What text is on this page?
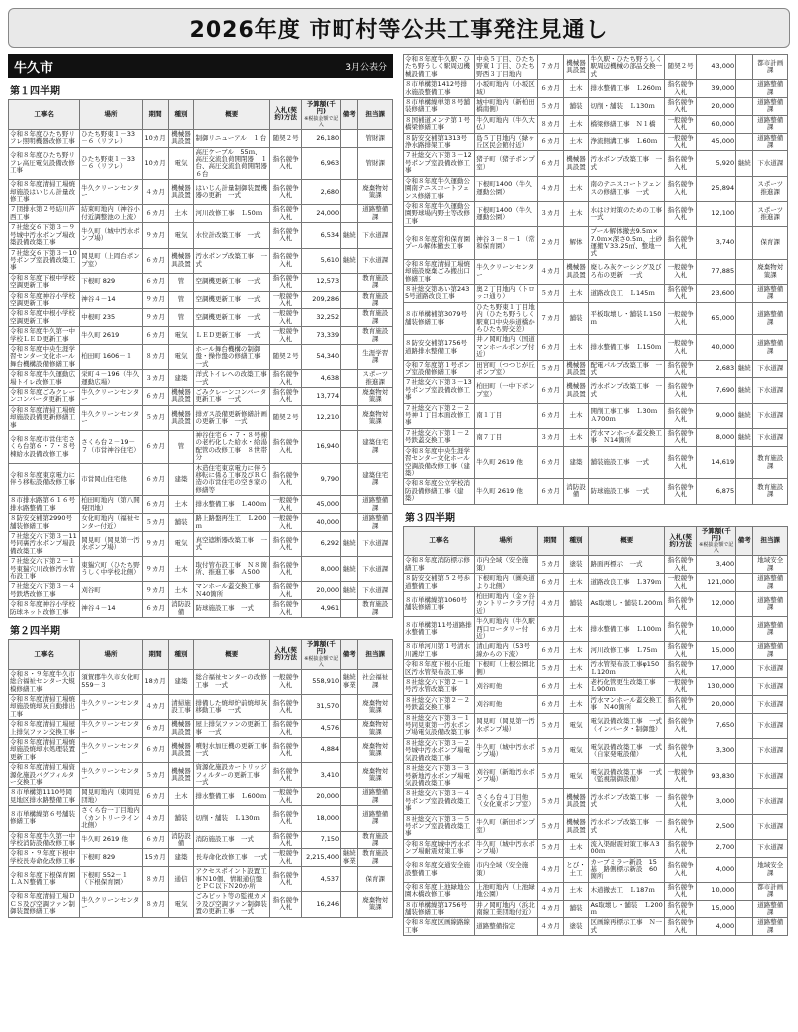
2026年度 市町村等公共工事発注見通し
牛久市	3月公表分
第１四半期
工事名	場所	期間	種別	概要	入札(契約)方法	予算額(千円)
※税抜金額で記入	備考	担当課
令和８年度ひたち野リフレ照明機器改修工事	ひたち野東１－33－６（リフレ）	10カ月	機械器具設置	制御リニューアル　１台	随契２号	26,180		管財課
令和８年度ひたち野リフレ高圧電気設備改修工事	ひたち野東１－33－６（リフレ）	10カ月	電気	高圧ケーブル　55ｍ、高圧交流負荷開閉器　１台、高圧交流負荷開閉器　６台	指名競争入札	6,963		管財課
令和８年度清掃工場焼却施設はいじん計量改修工事	牛久クリーンセンター	４カ月	機械器具設置	はいじん計量制御装置機器の更新　一式	指名競争入札	2,680		廃棄物対策課
７団排水第２号結川芦西工事	結束町地内（神谷小付近調整池の上流）	６カ月	土木	河川改修工事　Ｌ50ｍ	指名競争入札	24,000		道路整備課
７社総交６下第３－９号城中汚水ポンプ場改築設備改築工事	牛久町（城中汚水ポンプ場）	９カ月	電気	水位計改築工事　一式	指名競争入札	6,534	継続	下水道課
７社総交６下第３－10号ポンプ室設備改築工事	岡見町（上岡台ポンプ室）	６カ月	機械器具設置	汚水ポンプ改築工事　一式	指名競争入札	5,610	継続	下水道課
令和８年度下根中学校空調更新工事	下根町 829	６カ月	管	空調機更新工事　一式	指名競争入札	12,573		教育施設課
令和８年度神谷小学校空調更新工事	神谷４－14	９カ月	管	空調機更新工事　一式	一般競争入札	209,286		教育施設課
令和８年度中根小学校空調更新工事	中根町 235	９カ月	管	空調機更新工事　一式	一般競争入札	32,252		教育施設課
令和８年度牛久第一中学校ＬＥＤ更新工事	牛久町 2619	６カ月	電気	ＬＥＤ更新工事　一式	一般競争入札	73,339		教育施設課
令和８年度中央生涯学習センター文化ホール舞台機構設備修繕工事	柏田町 1606－１	８カ月	電気	ホール舞台機構の制御盤・操作盤の修繕工事　一式	随契２号	54,340		生涯学習課
令和８年度牛久運動広場トイレ改修工事	栄町４－196（牛久運動広場）	３カ月	建築	洋式トイレへの改築工事　一式	指名競争入札	4,638		スポーツ推進課
令和８年度ごみクレーンコンバータ更新工事	牛久クリーンセンター	６カ月	機械器具設置	ごみクレーンコンバータ更新工事　一式	指名競争入札	13,774		廃棄物対策課
令和８年度清掃工場焼却施設設備更新修繕工事	牛久クリーンセンター	５カ月	機械器具設置	排ガス設備更新修繕計画の更新工事　一式	随契２号	12,210		廃棄物対策課
令和８年度市営住宅さくら台第６・７・８号棟給水設備改修工事	さくら台２－19－７（市営神谷住宅）	６カ月	管	神谷住宅６・７・８号棟の老朽化した給水・給湯配管の改修工事　８世帯分	指名競争入札	16,940		建築住宅課
令和８年度東京電力に伴う移転設備改修工事	市営岡山住宅他	６カ月	建築	木造住宅東京電力に伴う移転に係る工事及びＲＣ造の市営住宅の空き家の修繕等	指名競争入札	9,790		建築住宅課
８市排水路第６１６号排水路整備工事	柏田町地内（第八開発団地）	６カ月	土木	排水整備工事　Ｌ400ｍ	一般競争入札	45,000		道路整備課
８防安交補第2990号舗装修繕工事	女化町地内（福祉センター付近）	５カ月	舗装	路上路盤再生工　Ｌ200ｍ	一般競争入札	40,000		道路整備課
７社総交六下第３－11号同裏汚水ポンプ場設備改築工事	岡見町（岡見第一汚水ポンプ場）	９カ月	電気	真空遮断器改築工事　一式	指名競争入札	6,292	継続	下水道課
７社総交六下第２－１号東猯穴川改修汚水管布設工事	東猯穴町（ひたち野うしく中学校北側）	９カ月	土木	取付管布設工事　Ｎ８箇所、推進工事　Ａ500	指名競争入札	8,000	継続	下水道課
７社総交六下第３－４号鉄塔改修工事	刈谷町	９カ月	土木	マンホール蓋交換工事　Ｎ40箇所	指名競争入札	20,000	継続	下水道課
令和８年度神谷小学校防球ネット改修工事	神谷４－14	６カ月	消防設備	防球施設工事　一式	指名競争入札	4,961		教育施設課
第２四半期
工事名	場所	期間	種別	概要	入札(契約)方法	予算額(千円)
※税抜金額で記入	備考	担当課
令和８・９年度牛久市総合福祉センター大規模修繕工事	須賀郡牛久市女化町559－３	18カ月	建築	総合福祉センターの改修工事　一式	一般競争入札	558,910	継続事業	社会福祉課
令和８年度清掃工場焼却施設焼却灰自動排出工事	牛久クリーンセンター	４カ月	清掃施設工事	排備した焼却炉前焼却灰移動工事　一式	指名競争入札	31,570		廃棄物対策課
令和８年度清掃工場屋上排気ファン交換工事	牛久クリーンセンター	６カ月	機械器具設置	屋上排気ファンの更新工事　一式	指名競争入札	4,576		廃棄物対策課
令和８年度清掃工場焼却施設焼却水処理装置更新工事	牛久クリーンセンター	６カ月	機械器具設置	噴射水加圧機の更新工事　一式	指名競争入札	4,884		廃棄物対策課
令和８年度清掃工場資源化施設バグフィルター交換工事	牛久クリーンセンター	５カ月	機械器具設置	資源化施設カートリッジフィルターの更新工事　一式	指名競争入札	3,410		廃棄物対策課
８市単構第1110号岡見地区排水路整備工事	岡見町地内（東岡見団地）	６カ月	土木	排水整備工事　Ｌ600ｍ	一般競争入札	20,000		道路整備課
８市単構繰第６号舗装修繕工事	さくら台一丁目地内（カントリーライン北側）	４カ月	舗装	切削・舗装　Ｌ130ｍ	指名競争入札	18,000		道路整備課
令和８年度牛久第一中学校消防設備改修工事	牛久町 2619 他	６カ月	消防設備	消防施設工事　一式	指名競争入札	7,150		教育施設課
令和８・９年度下根中学校長寿命化改修工事	下根町 829	15カ月	建築	長寿命化改修工事　一式	一般競争入札	2,215,400	継続事業	教育施設課
令和８年度下根保育園ＬＡＮ整備工事	下根町 552－１（下根保育園）	８カ月	通信	アクセスポイント設置工事Ｎ10個、情報通信盤とＰＣ以下Ｎ20か所	指名競争入札	4,537		保育課
令和８年度清掃工場ＤＣＳ及び空調ファン制御装置修繕工事	牛久クリーンセンター	８カ月	電気	ごみピット等の監視カメラ及び空調ファン制御装置の更新工事　一式	指名競争入札	16,246		廃棄物対策課
令和８年度牛久駅・ひたち野うしく駅周辺機械設備工事	中央５丁目、ひたち野東１丁目、ひたち野西３丁目地内	７カ月	機械器具設置	牛久駅・ひたち野うしく駅周辺機械の部品交換一式	随契２号	43,000		都市計画課
８市単構第1412号排水施設整備工事	小坂町地内（小坂区域）	６カ月	土木	排水整備工事　Ｌ260ｍ	指名競争入札	39,000		道路整備課
８市単構繰単第８号舗装修繕工事	城中町地内（新柏田橋南側）	５カ月	舗装	切削・舗装　Ｌ130ｍ	指名競争入札	20,000		道路整備課
８国補道メンテ第１号橋梁修繕工事	牛久町地内（牛久大仏）	８カ月	土木	橋梁修繕工事　Ｎ１橋	一般競争入札	60,000		道路整備課
８防安交補第1313号浄水路排架工事	島５丁目地内（緑ヶ丘区民会館付近）	６カ月	土木	浄流側溝工事　Ｌ60ｍ	一般競争入札	45,000		道路整備課
７社総交六下第３－12号ポンプ室設備改修工事	猪子町（猪子ポンプ室）	６カ月	機械器具設置	汚水ポンプ改築工事　一式	指名競争入札	5,920	継続	下水道課
令和８年度牛久運動公園南テニスコートフェンス修繕工事	下根町1400（牛久運動公園）	４カ月	土木	南のテニスコートフェンスの修繕工事　一式	指名競争入札	25,894		スポーツ推進課
令和８年度牛久運動公園野球場内野土等改修工事	下根町1400（牛久運動公園）	３カ月	土木	水はけ対策のための工事　一式	指名競争入札	12,100		スポーツ推進課
令和８年度常和保育園プール解体撤去工事	神谷３－８－１（常和保育園）	２カ月	解体	プール解体撤去9.5ｍ×7.0ｍ×深さ0.5ｍ、土砂運搬Ｖ33.25㎥、整地一式	指名競争入札	3,740		保育課
令和８年度清掃工場焼却施設廃棄ごみ搬出口修繕工事	牛久クリーンセンター	４カ月	機械器具設置	廃しみ灰ケーシング及びろ布の更新　一式	一般競争入札	77,885		廃棄物対策課
８社総交第あい第2435号道路改良工事	奥２丁目地内（トロッコ通り）	５カ月	土木	道路改良工　Ｌ145ｍ	指名競争入札	23,600		道路整備課
８市単構補第3079号舗装修繕工事	ひたち野東１丁目地内（ひたち野うしく駅東口中央歩道橋からひたち野交差）	７カ月	舗装	平板取壊し・舗装Ｌ150ｍ	一般競争入札	65,000		道路整備課
８防安交補第1756号道路排水整備工事	井ノ岡町地内（国道マンホールポンプ付近）	６カ月	土木	排水整備工事　Ｌ150ｍ	一般競争入札	40,000		道路整備課
令和７年度第１号ポンプ室設備修繕工事	田宮町（つつじが丘ポンプ室）	５カ月	機械器具設置	配電パルプ改築工事　一式	指名競争入札	2,683	継続	下水道課
７社総交六下第３－13号ポンプ室設備改修工事	柏田町（一中下ポンプ室）	６カ月	機械器具設置	汚水ポンプ改築工事　一式	指名競争入札	7,690	継続	下水道課
７社総交六下第２－２号神１丁目本面改修工事	南１丁目	６カ月	土木	開削工事工事　Ｌ30ｍＡ700ｍ	指名競争入札	9,000	継続	下水道課
７社総交六下第１－２号鉄蓋交換工事	南７丁目	３カ月	土木	汚水マンホール蓋交換工事　Ｎ14箇所	指名競争入札	8,000	継続	下水道課
令和８年度中央生涯学習センター文化ホール空調設備改修工事（建築）	牛久町 2619 他	６カ月	建築	舗装施設工事　一式	指名競争入札	14,619		教育施設課
令和８年度公立学校消防設備修繕工事（建築）	牛久町 2619 他	６カ月	消防設備	防球施設工事　一式	指名競争入札	6,875		教育施設課
第３四半期
工事名	場所	期間	種別	概要	入札(契約)方法	予算額(千円)
※税抜金額で記入	備考	担当課
令和８年度消防標示修繕工事	市内全域（安全施策）	５カ月	塗装	路面再標示　一式	指名競争入札	3,400		地域安全課
８防安交補第５２号歩道整備工事	下根町地内（圏央道より北側）	６カ月	土木	道路改良工事　Ｌ379ｍ	一般競争入札	121,000		道路整備課
８市単構繰第1060号舗装修繕工事	柏田町地内（金ヶ谷カントリークラブ付近）	４カ月	舗装	As取壊し・舗装Ｌ200ｍ	指名競争入札	12,000		道路整備課
８市単構第11号道路排水整備工事	牛久町地内（牛久駅西口ロータリー付近）	６カ月	土木	排水整備工事　Ｌ100ｍ	指名競争入札	10,000		道路整備課
８市単河川第１号清水川護岸工事	清山町地内（53号線からの下流）	６カ月	土木	河川改修工事　Ｌ75ｍ	指名競争入札	15,000		道路整備課
令和８年度下根小丘地区汚水管渠布設工事	下根町（上根公園北側）	５カ月	土木	汚水管渠布設工事φ150　Ｌ120ｍ	指名競争入札	17,000		下水道課
８社総交六下第２－１号汚水管改築工事	刈谷町他	６カ月	土木	老朽化管更生改築工事　Ｌ900ｍ	一般競争入札	130,000		下水道課
８社総交六下第２－２号鉄蓋交換工事	刈谷町他	６カ月	土木	汚水マンホール蓋交換工事　Ｎ40箇所	指名競争入札	20,000		下水道課
８社総交六下第３－１号同見東第一汚水ポンプ場電気設備改築工事	岡見町（岡見第一汚水ポンプ場）	５カ月	電気	電気設備改築工事　一式（インバータ・制御盤）	指名競争入札	7,650		下水道課
８社総交六下第３－２号城中汚水ポンプ場電気設備改築工事	牛久町（城中汚水ポンプ場）	５カ月	電気	電気設備改築工事　一式（自家発電設備）	指名競争入札	3,300		下水道課
８社総交六下第３－３号新地汚水ポンプ場電気設備改築工事	刈谷町（新地汚水ポンプ場）	５カ月	電気	電気設備改築工事　一式（監視制御設備）	一般競争入札	93,830		下水道課
８社総交六下第３－４号ポンプ室設備改築工事	さくら台４丁目他（女化東ポンプ室）	５カ月	機械器具設置	汚水ポンプ改築工事　一式	指名競争入札	3,000		下水道課
８社総交六下第３－５号ポンプ室設備改築工事	牛久町（新田ポンプ室）	５カ月	機械器具設置	汚水ポンプ改築工事　一式	指名競争入札	2,500		下水道課
令和８年度城中汚水ポンプ場耐震対策工事	牛久町（城中汚水ポンプ場）	５カ月	土木	流入渠耐震対策工事Ａ300ｍ	指名競争入札	2,700		下水道課
令和８年度交通安全施設整備工事	市内全域（安全施策）	４カ月	とび・土工	カーブミラー新設　15基　路側標示新設　60箇所	指名競争入札	4,000		地域安全課
令和８年度上池緑地公園木橋改修工事	上池町地内（上池緑地公園）	４カ月	土木	木道撤去工　Ｌ187ｍ	指名競争入札	10,000		都市計画課
８市単構繰第1756号舗装修繕工事	井ノ岡町地内（浜北南線工業団地付近）	４カ月	舗装	As取壊し・舗装　Ｌ200ｍ	指名競争入札	15,000		道路整備課
令和８年度区画線路線工事	道路整備指定	４カ月	塗装	区画線再標示工事　Ｎ一式	指名競争入札	4,000		道路整備課
